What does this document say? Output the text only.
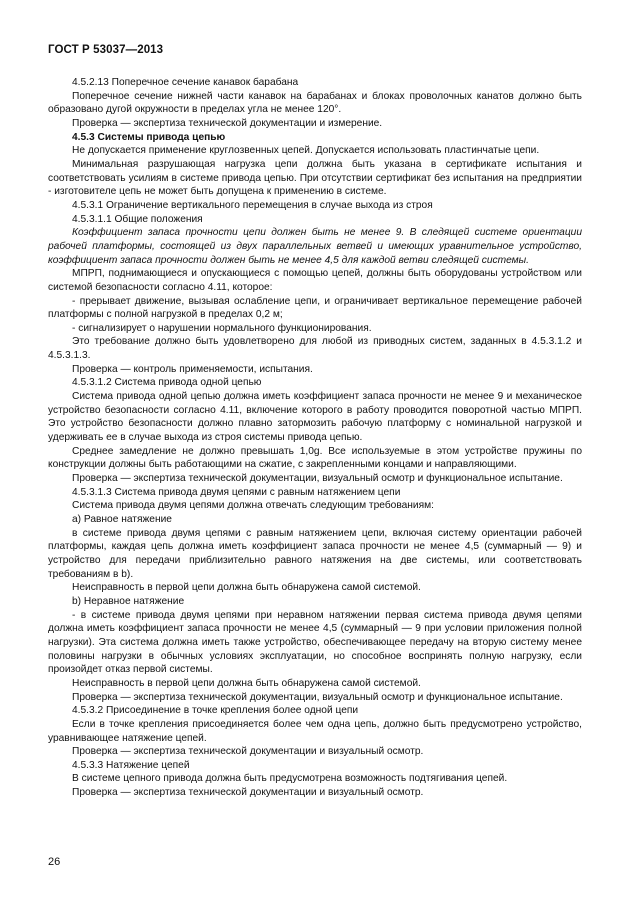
ГОСТ Р 53037—2013

4.5.2.13 Поперечное сечение канавок барабана

Поперечное сечение нижней части канавок на барабанах и блоках проволочных канатов должно быть образовано дугой окружности в пределах угла не менее 120°.

Проверка — экспертиза технической документации и измерение.

4.5.3 Системы привода цепью

Не допускается применение круглозвенных цепей. Допускается использовать пластинчатые цепи.

Минимальная разрушающая нагрузка цепи должна быть указана в сертификате испытания и соответствовать усилиям в системе привода цепью. При отсутствии сертификат без испытания на предприятии - изготовителе цепь не может быть допущена к применению в системе.

4.5.3.1 Ограничение вертикального перемещения в случае выхода из строя

4.5.3.1.1 Общие положения

Коэффициент запаса прочности цепи должен быть не менее 9. В следящей системе ориентации рабочей платформы, состоящей из двух параллельных ветвей и имеющих уравнительное устройство, коэффициент запаса прочности должен быть не менее 4,5 для каждой ветви следящей системы.

МПРП, поднимающиеся и опускающиеся с помощью цепей, должны быть оборудованы устройством или системой безопасности согласно 4.11, которое:

- прерывает движение, вызывая ослабление цепи, и ограничивает вертикальное перемещение рабочей платформы с полной нагрузкой в пределах 0,2 м;

- сигнализирует о нарушении нормального функционирования.

Это требование должно быть удовлетворено для любой из приводных систем, заданных в 4.5.3.1.2 и 4.5.3.1.3.

Проверка — контроль применяемости, испытания.

4.5.3.1.2 Система привода одной цепью

Система привода одной цепью должна иметь коэффициент запаса прочности не менее 9 и механическое устройство безопасности согласно 4.11, включение которого в работу проводится поворотной частью МПРП. Это устройство безопасности должно плавно затормозить рабочую платформу с номинальной нагрузкой и удерживать ее в случае выхода из строя системы привода цепью.

Среднее замедление не должно превышать 1,0g. Все используемые в этом устройстве пружины по конструкции должны быть работающими на сжатие, с закрепленными концами и направляющими.

Проверка — экспертиза технической документации, визуальный осмотр и функциональное испытание.

4.5.3.1.3 Система привода двумя цепями с равным натяжением цепи

Система привода двумя цепями должна отвечать следующим требованиям:

а) Равное натяжение

в системе привода двумя цепями с равным натяжением цепи, включая систему ориентации рабочей платформы, каждая цепь должна иметь коэффициент запаса прочности не менее 4,5 (суммарный — 9) и устройство для передачи приблизительно равного натяжения на две системы, или соответствовать требованиям в b).

Неисправность в первой цепи должна быть обнаружена самой системой.

b) Неравное натяжение

- в системе привода двумя цепями при неравном натяжении первая система привода двумя цепями должна иметь коэффициент запаса прочности не менее 4,5 (суммарный — 9 при условии приложения полной нагрузки). Эта система должна иметь также устройство, обеспечивающее передачу на вторую систему менее половины нагрузки в обычных условиях эксплуатации, но способное воспринять полную нагрузку, если произойдет отказ первой системы.

Неисправность в первой цепи должна быть обнаружена самой системой.

Проверка — экспертиза технической документации, визуальный осмотр и функциональное испытание.

4.5.3.2 Присоединение в точке крепления более одной цепи

Если в точке крепления присоединяется более чем одна цепь, должно быть предусмотрено устройство, уравнивающее натяжение цепей.

Проверка — экспертиза технической документации и визуальный осмотр.

4.5.3.3 Натяжение цепей

В системе цепного привода должна быть предусмотрена возможность подтягивания цепей.

Проверка — экспертиза технической документации и визуальный осмотр.

26
